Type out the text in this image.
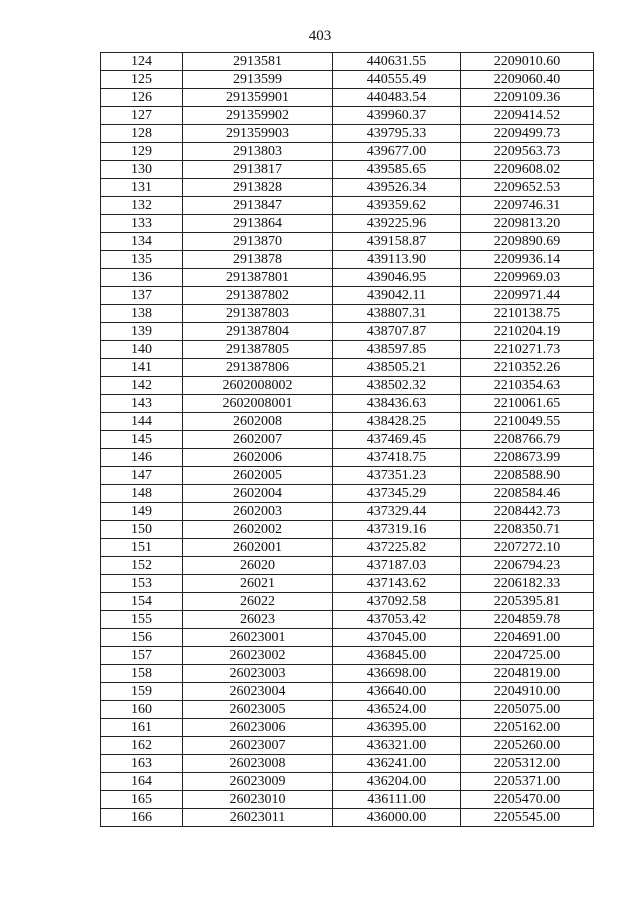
403
124	2913581	440631.55	2209010.60
125	2913599	440555.49	2209060.40
126	291359901	440483.54	2209109.36
127	291359902	439960.37	2209414.52
128	291359903	439795.33	2209499.73
129	2913803	439677.00	2209563.73
130	2913817	439585.65	2209608.02
131	2913828	439526.34	2209652.53
132	2913847	439359.62	2209746.31
133	2913864	439225.96	2209813.20
134	2913870	439158.87	2209890.69
135	2913878	439113.90	2209936.14
136	291387801	439046.95	2209969.03
137	291387802	439042.11	2209971.44
138	291387803	438807.31	2210138.75
139	291387804	438707.87	2210204.19
140	291387805	438597.85	2210271.73
141	291387806	438505.21	2210352.26
142	2602008002	438502.32	2210354.63
143	2602008001	438436.63	2210061.65
144	2602008	438428.25	2210049.55
145	2602007	437469.45	2208766.79
146	2602006	437418.75	2208673.99
147	2602005	437351.23	2208588.90
148	2602004	437345.29	2208584.46
149	2602003	437329.44	2208442.73
150	2602002	437319.16	2208350.71
151	2602001	437225.82	2207272.10
152	26020	437187.03	2206794.23
153	26021	437143.62	2206182.33
154	26022	437092.58	2205395.81
155	26023	437053.42	2204859.78
156	26023001	437045.00	2204691.00
157	26023002	436845.00	2204725.00
158	26023003	436698.00	2204819.00
159	26023004	436640.00	2204910.00
160	26023005	436524.00	2205075.00
161	26023006	436395.00	2205162.00
162	26023007	436321.00	2205260.00
163	26023008	436241.00	2205312.00
164	26023009	436204.00	2205371.00
165	26023010	436111.00	2205470.00
166	26023011	436000.00	2205545.00
